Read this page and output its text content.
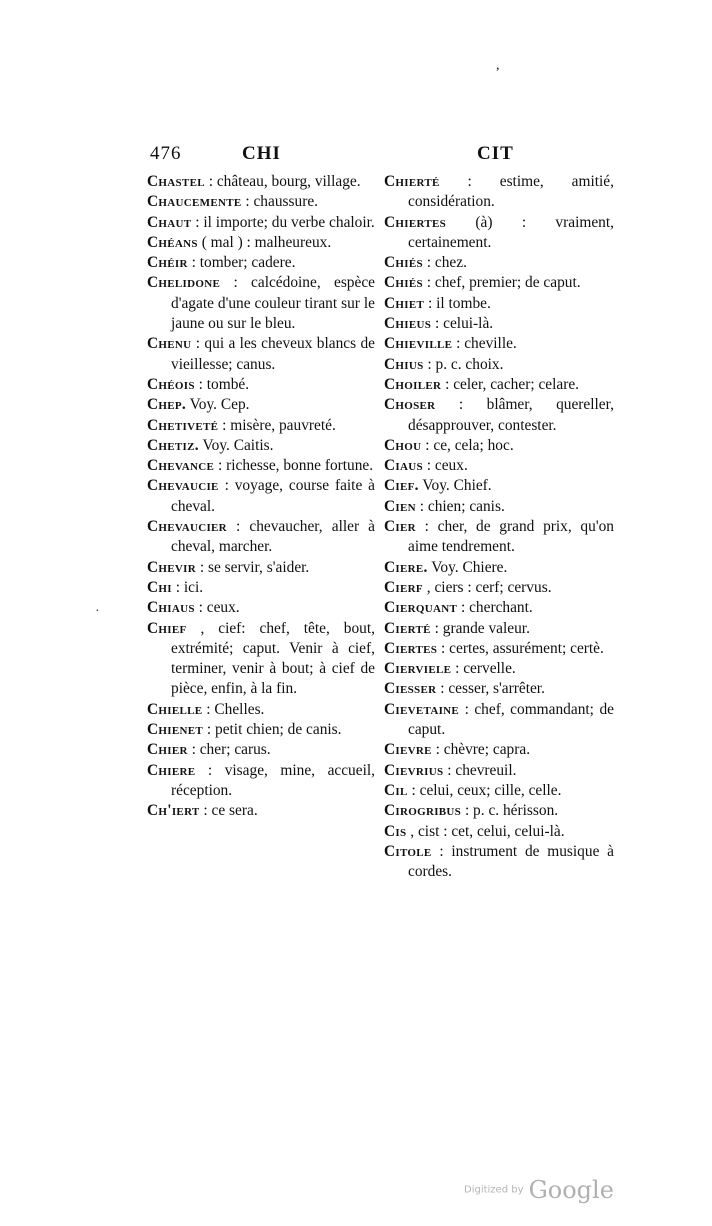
,
476	CHI	CIT
Chastel : château, bourg, village.
Chaucemente : chaussure.
Chaut : il importe; du verbe chaloir.
Chéans ( mal ) : malheureux.
Chéir : tomber; cadere.
Chelidone : calcédoine, espèce d'agate d'une couleur tirant sur le jaune ou sur le bleu.
Chenu : qui a les cheveux blancs de vieillesse; canus.
Chéois : tombé.
Chep. Voy. Cep.
Chetiveté : misère, pauvreté.
Chetiz. Voy. Caitis.
Chevance : richesse, bonne fortune.
Chevaucie : voyage, course faite à cheval.
Chevaucier : chevaucher, aller à cheval, marcher.
Chevir : se servir, s'aider.
Chi : ici.
Chiaus : ceux.
Chief , cief: chef, tête, bout, extrémité; caput. Venir à cief, terminer, venir à bout; à cief de pièce, enfin, à la fin.
Chielle : Chelles.
Chienet : petit chien; de canis.
Chier : cher; carus.
Chiere : visage, mine, accueil, réception.
Ch'iert : ce sera.
Chierté : estime, amitié, considération.
Chiertes (à) : vraiment, certainement.
Chiés : chez.
Chiés : chef, premier; de caput.
Chiet : il tombe.
Chieus : celui-là.
Chieville : cheville.
Chius : p. c. choix.
Choiler : celer, cacher; celare.
Choser : blâmer, quereller, désapprouver, contester.
Chou : ce, cela; hoc.
Ciaus : ceux.
Cief. Voy. Chief.
Cien : chien; canis.
Cier : cher, de grand prix, qu'on aime tendrement.
Ciere. Voy. Chiere.
Cierf , ciers : cerf; cervus.
Cierquant : cherchant.
Cierté : grande valeur.
Ciertes : certes, assurément; certè.
Cierviele : cervelle.
Ciesser : cesser, s'arrêter.
Cievetaine : chef, commandant; de caput.
Cievre : chèvre; capra.
Cievrius : chevreuil.
Cil : celui, ceux; cille, celle.
Cirogribus : p. c. hérisson.
Cis , cist : cet, celui, celui-là.
Citole : instrument de musique à cordes.
·
Digitized by Google
